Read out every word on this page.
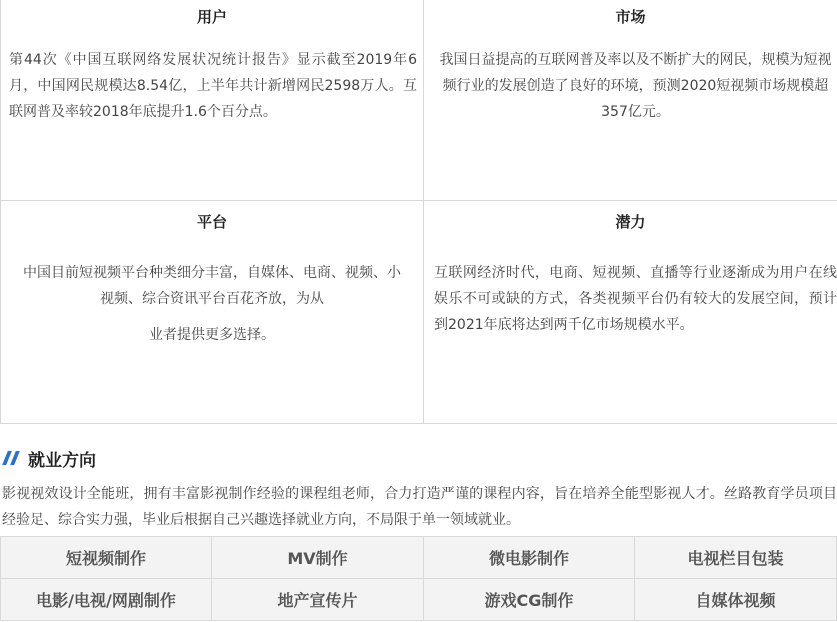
用户

第44次《中国互联网络发展状况统计报告》显示截至2019年6月，中国网民规模达8.54亿，上半年共计新增网民2598万人。互联网普及率较2018年底提升1.6个百分点。

市场

我国日益提高的互联网普及率以及不断扩大的网民，规模为短视频行业的发展创造了良好的环境，预测2020短视频市场规模超357亿元。

平台

中国目前短视频平台种类细分丰富，自媒体、电商、视频、小视频、综合资讯平台百花齐放，为从

业者提供更多选择。

潜力

互联网经济时代，电商、短视频、直播等行业逐渐成为用户在线娱乐不可或缺的方式，各类视频平台仍有较大的发展空间，预计到2021年底将达到两千亿市场规模水平。

就业方向

影视视效设计全能班，拥有丰富影视制作经验的课程组老师，合力打造严谨的课程内容，旨在培养全能型影视人才。丝路教育学员项目经验足、综合实力强，毕业后根据自己兴趣选择就业方向，不局限于单一领域就业。

短视频制作	MV制作	微电影制作	电视栏目包装
电影/电视/网剧制作	地产宣传片	游戏CG制作	自媒体视频
